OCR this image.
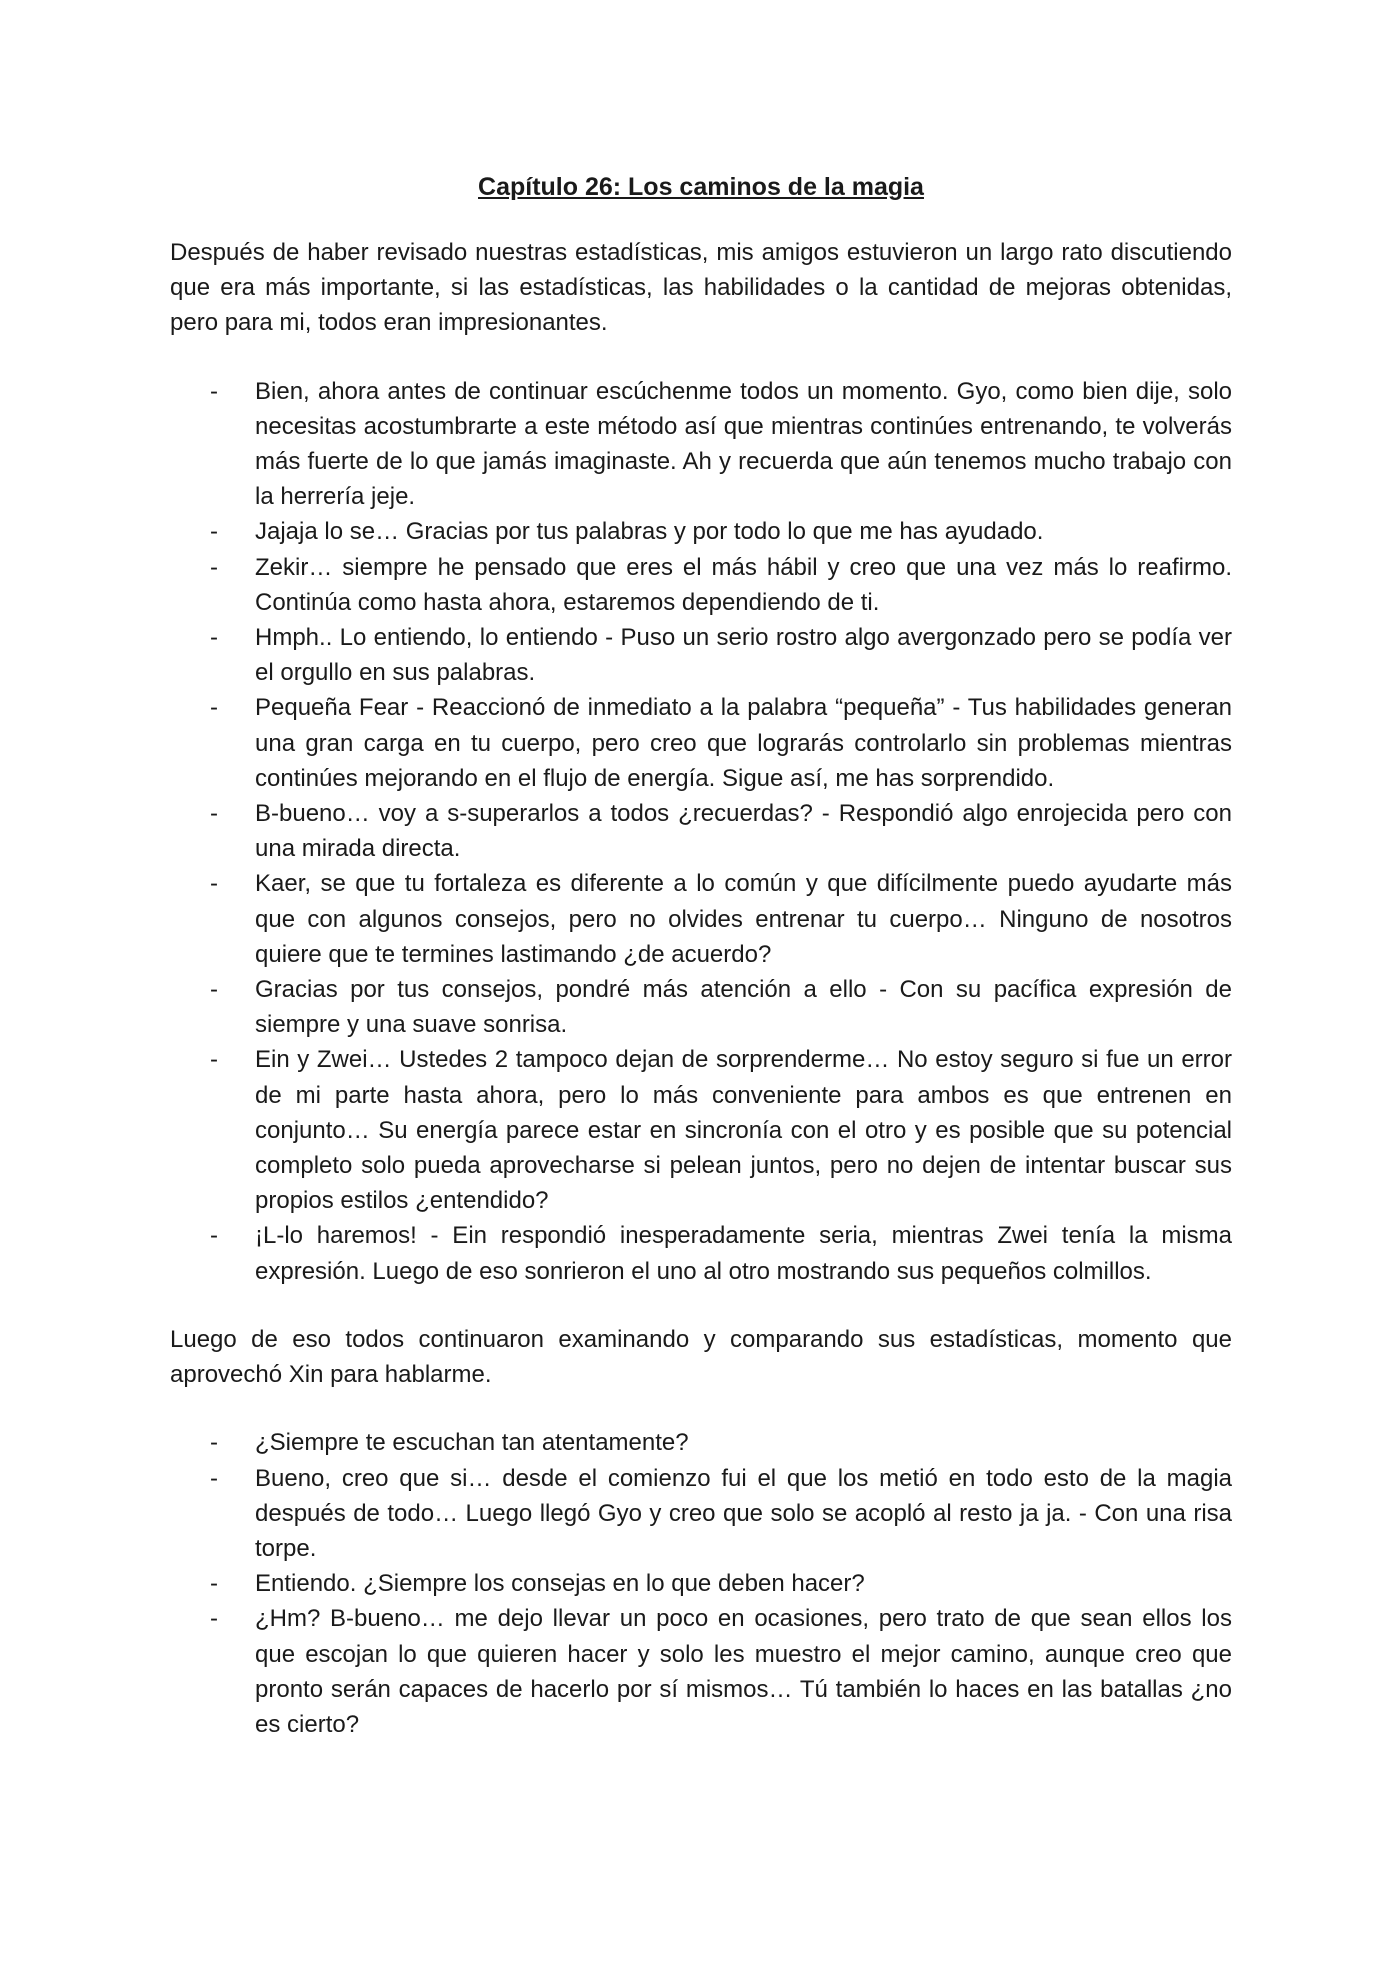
Capítulo 26: Los caminos de la magia

Después de haber revisado nuestras estadísticas, mis amigos estuvieron un largo rato discutiendo que era más importante, si las estadísticas, las habilidades o la cantidad de mejoras obtenidas, pero para mi, todos eran impresionantes.

- Bien, ahora antes de continuar escúchenme todos un momento. Gyo, como bien dije, solo necesitas acostumbrarte a este método así que mientras continúes entrenando, te volverás más fuerte de lo que jamás imaginaste. Ah y recuerda que aún tenemos mucho trabajo con la herrería jeje.
- Jajaja lo se… Gracias por tus palabras y por todo lo que me has ayudado.
- Zekir… siempre he pensado que eres el más hábil y creo que una vez más lo reafirmo. Continúa como hasta ahora, estaremos dependiendo de ti.
- Hmph.. Lo entiendo, lo entiendo - Puso un serio rostro algo avergonzado pero se podía ver el orgullo en sus palabras.
- Pequeña Fear - Reaccionó de inmediato a la palabra “pequeña” - Tus habilidades generan una gran carga en tu cuerpo, pero creo que lograrás controlarlo sin problemas mientras continúes mejorando en el flujo de energía. Sigue así, me has sorprendido.
- B-bueno… voy a s-superarlos a todos ¿recuerdas? - Respondió algo enrojecida pero con una mirada directa.
- Kaer, se que tu fortaleza es diferente a lo común y que difícilmente puedo ayudarte más que con algunos consejos, pero no olvides entrenar tu cuerpo… Ninguno de nosotros quiere que te termines lastimando ¿de acuerdo?
- Gracias por tus consejos, pondré más atención a ello - Con su pacífica expresión de siempre y una suave sonrisa.
- Ein y Zwei… Ustedes 2 tampoco dejan de sorprenderme… No estoy seguro si fue un error de mi parte hasta ahora, pero lo más conveniente para ambos es que entrenen en conjunto… Su energía parece estar en sincronía con el otro y es posible que su potencial completo solo pueda aprovecharse si pelean juntos, pero no dejen de intentar buscar sus propios estilos ¿entendido?
- ¡L-lo haremos! - Ein respondió inesperadamente seria, mientras Zwei tenía la misma expresión. Luego de eso sonrieron el uno al otro mostrando sus pequeños colmillos.

Luego de eso todos continuaron examinando y comparando sus estadísticas, momento que aprovechó Xin para hablarme.

- ¿Siempre te escuchan tan atentamente?
- Bueno, creo que si… desde el comienzo fui el que los metió en todo esto de la magia después de todo… Luego llegó Gyo y creo que solo se acopló al resto ja ja. - Con una risa torpe.
- Entiendo. ¿Siempre los consejas en lo que deben hacer?
- ¿Hm? B-bueno… me dejo llevar un poco en ocasiones, pero trato de que sean ellos los que escojan lo que quieren hacer y solo les muestro el mejor camino, aunque creo que pronto serán capaces de hacerlo por sí mismos… Tú también lo haces en las batallas ¿no es cierto?
